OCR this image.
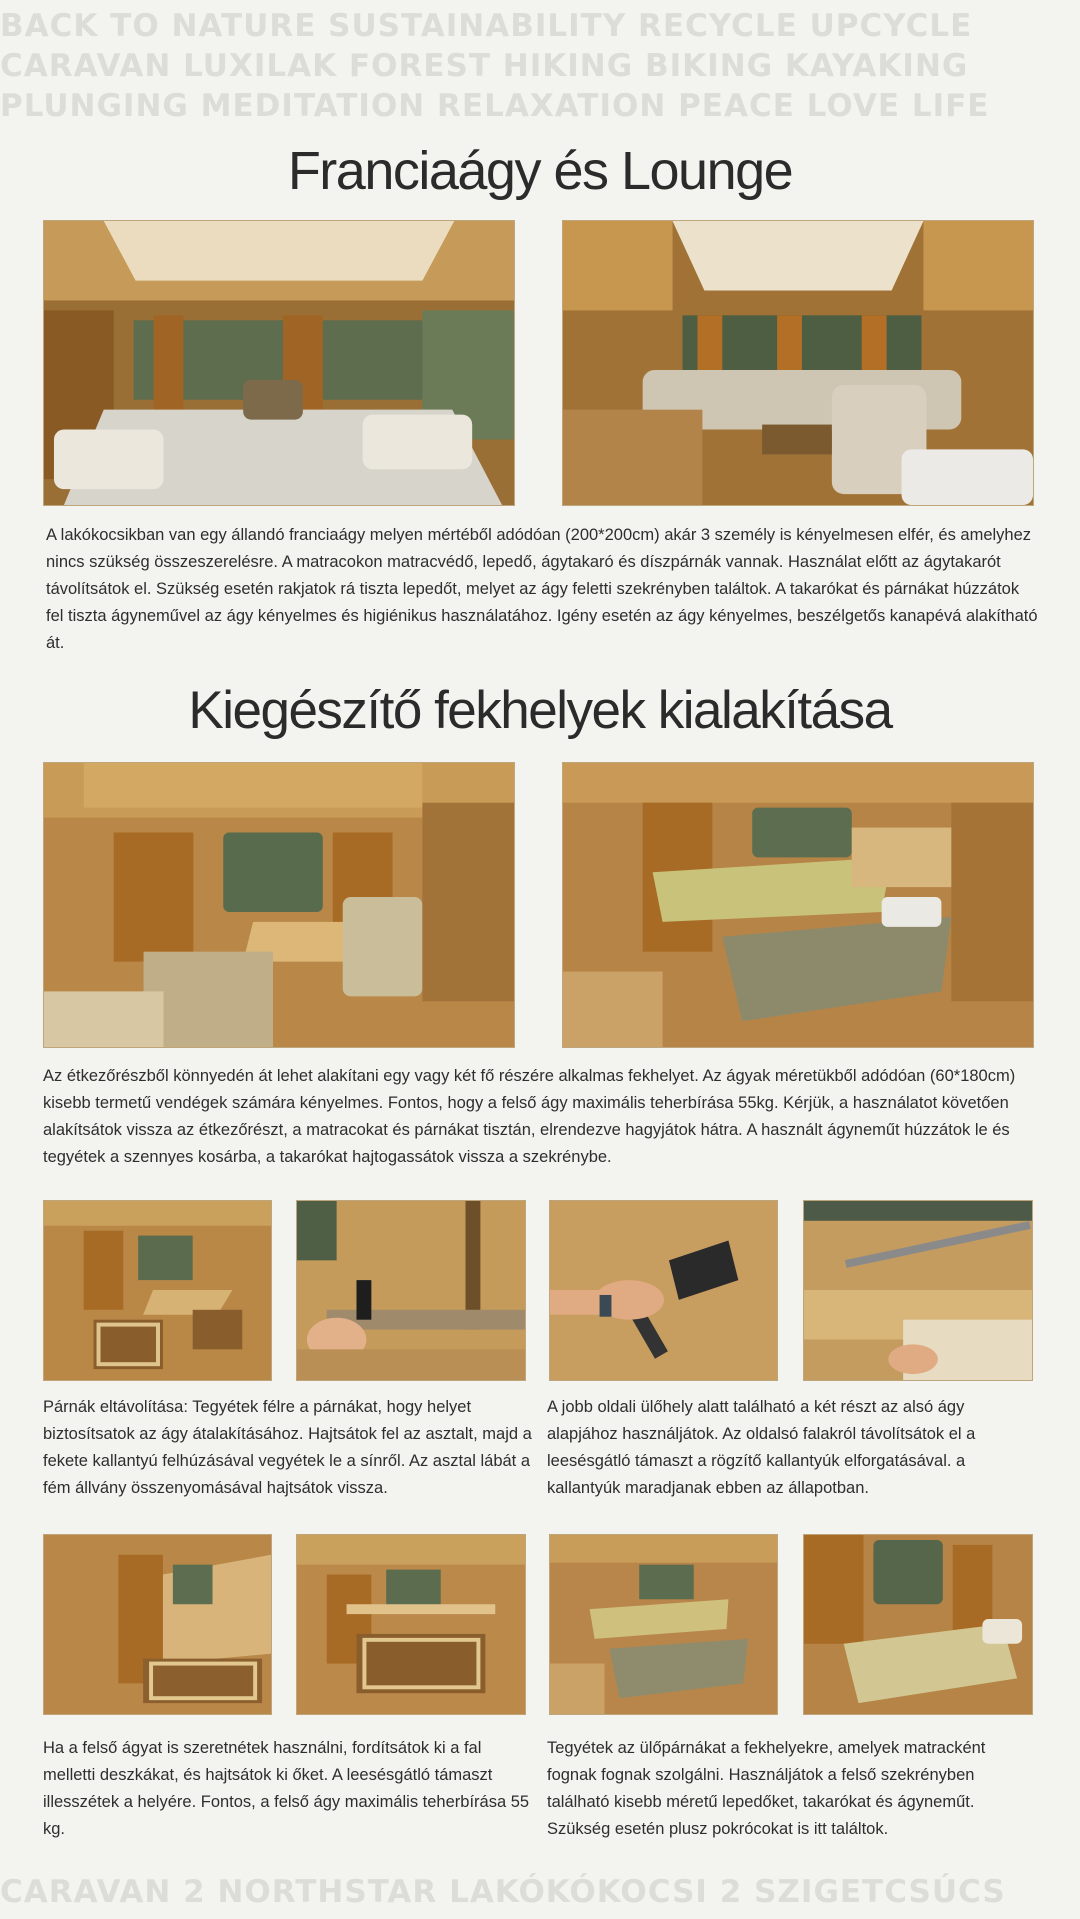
BACK TO NATURE SUSTAINABILITY RECYCLE UPCYCLE
CARAVAN LUXILAK FOREST HIKING BIKING KAYAKING
PLUNGING MEDITATION RELAXATION PEACE LOVE LIFE
Franciaágy és Lounge

A lakókocsikban van egy állandó franciaágy melyen mértéből adódóan (200*200cm) akár 3 személy is kényelmesen elfér, és amelyhez nincs szükség összeszerelésre. A matracokon matracvédő, lepedő, ágytakaró és díszpárnák vannak. Használat előtt az ágytakarót távolítsátok el. Szükség esetén rakjatok rá tiszta lepedőt, melyet az ágy feletti szekrényben találtok. A takarókat és párnákat húzzátok fel tiszta ágyneművel az ágy kényelmes és higiénikus használatához. Igény esetén az ágy kényelmes, beszélgetős kanapévá alakítható át.

Kiegészítő fekhelyek kialakítása

Az étkezőrészből könnyedén át lehet alakítani egy vagy két fő részére alkalmas fekhelyet. Az ágyak méretükből adódóan (60*180cm) kisebb termetű vendégek számára kényelmes. Fontos, hogy a felső ágy maximális teherbírása 55kg. Kérjük, a használatot követően alakítsátok vissza az étkezőrészt, a matracokat és párnákat tisztán, elrendezve hagyjátok hátra. A használt ágyneműt húzzátok le és tegyétek a szennyes kosárba, a takarókat hajtogassátok vissza a szekrénybe.

Párnák eltávolítása: Tegyétek félre a párnákat, hogy helyet biztosítsatok az ágy átalakításához. Hajtsátok fel az asztalt, majd a fekete kallantyú felhúzásával vegyétek le a sínről. Az asztal lábát a fém állvány összenyomásával hajtsátok vissza.

A jobb oldali ülőhely alatt található a két részt az alsó ágy alapjához használjátok. Az oldalsó falakról távolítsátok el a leesésgátló támaszt a rögzítő kallantyúk elforgatásával. a kallantyúk maradjanak ebben az állapotban.

Ha a felső ágyat is szeretnétek használni, fordítsátok ki a fal melletti deszkákat, és hajtsátok ki őket. A leesésgátló támaszt illesszétek a helyére. Fontos, a felső ágy maximális teherbírása 55 kg.

Tegyétek az ülőpárnákat a fekhelyekre, amelyek matracként fognak fognak szolgálni. Használjátok a felső szekrényben található kisebb méretű lepedőket, takarókat és ágyneműt. Szükség esetén plusz pokrócokat is itt találtok.

CARAVAN 2 NORTHSTAR LAKÓKÓKOCSI 2 SZIGETCSÚCS
